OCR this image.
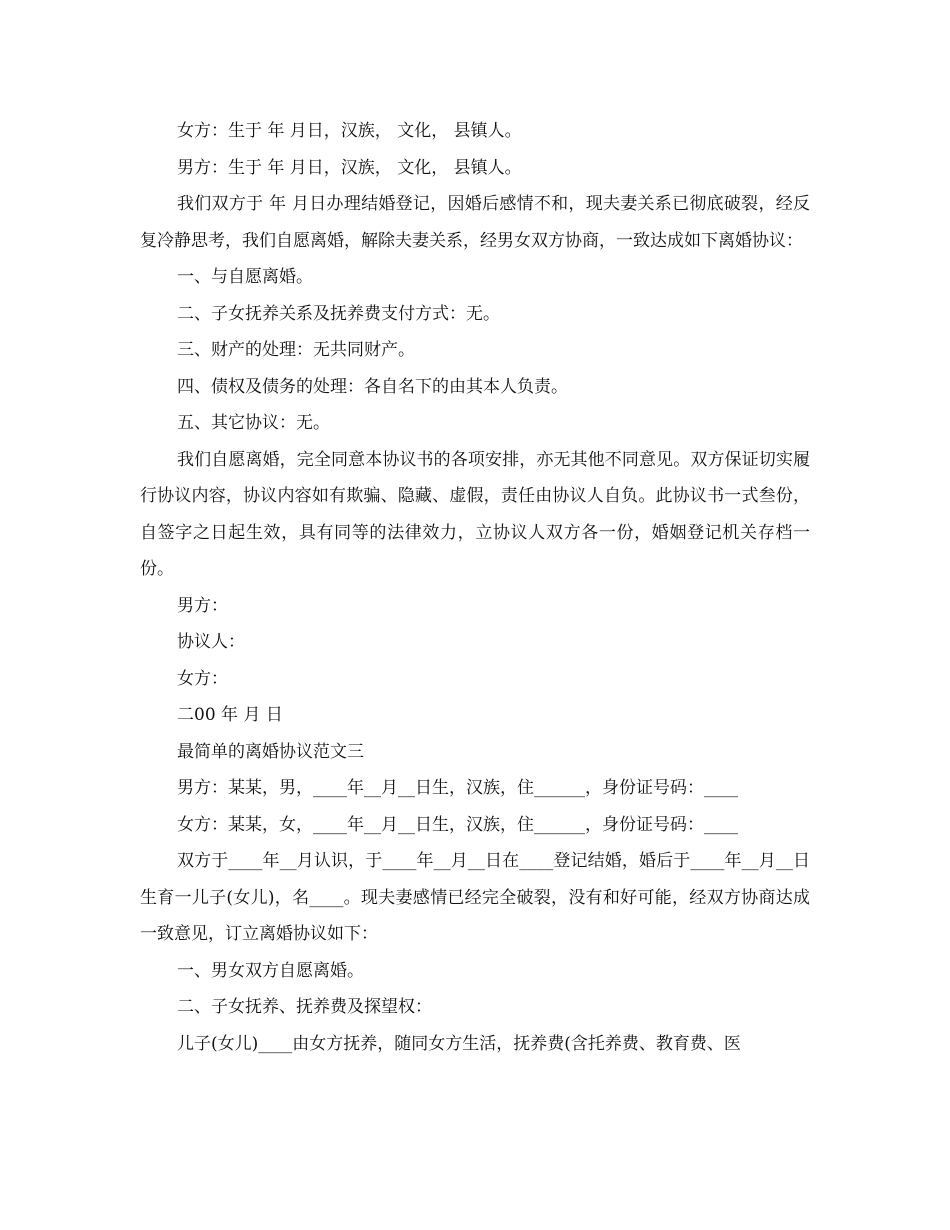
女方：生于 年 月日，汉族， 文化， 县镇人。

男方：生于 年 月日，汉族， 文化， 县镇人。

我们双方于 年 月日办理结婚登记，因婚后感情不和，现夫妻关系已彻底破裂，经反复冷静思考，我们自愿离婚，解除夫妻关系，经男女双方协商，一致达成如下离婚协议：

一、与自愿离婚。

二、子女抚养关系及抚养费支付方式：无。

三、财产的处理：无共同财产。

四、债权及债务的处理：各自名下的由其本人负责。

五、其它协议：无。

我们自愿离婚，完全同意本协议书的各项安排，亦无其他不同意见。双方保证切实履行协议内容，协议内容如有欺骗、隐藏、虚假，责任由协议人自负。此协议书一式叁份，自签字之日起生效，具有同等的法律效力，立协议人双方各一份，婚姻登记机关存档一份。

男方：

协议人：

女方：

二00 年 月 日

最简单的离婚协议范文三

男方：某某，男，____年__月__日生，汉族，住______，身份证号码：____

女方：某某，女，____年__月__日生，汉族，住______，身份证号码：____

双方于____年__月认识，于____年__月__日在____登记结婚，婚后于____年__月__日生育一儿子(女儿)，名____。现夫妻感情已经完全破裂，没有和好可能，经双方协商达成一致意见，订立离婚协议如下：

一、男女双方自愿离婚。

二、子女抚养、抚养费及探望权：

儿子(女儿)____由女方抚养，随同女方生活，抚养费(含托养费、教育费、医
